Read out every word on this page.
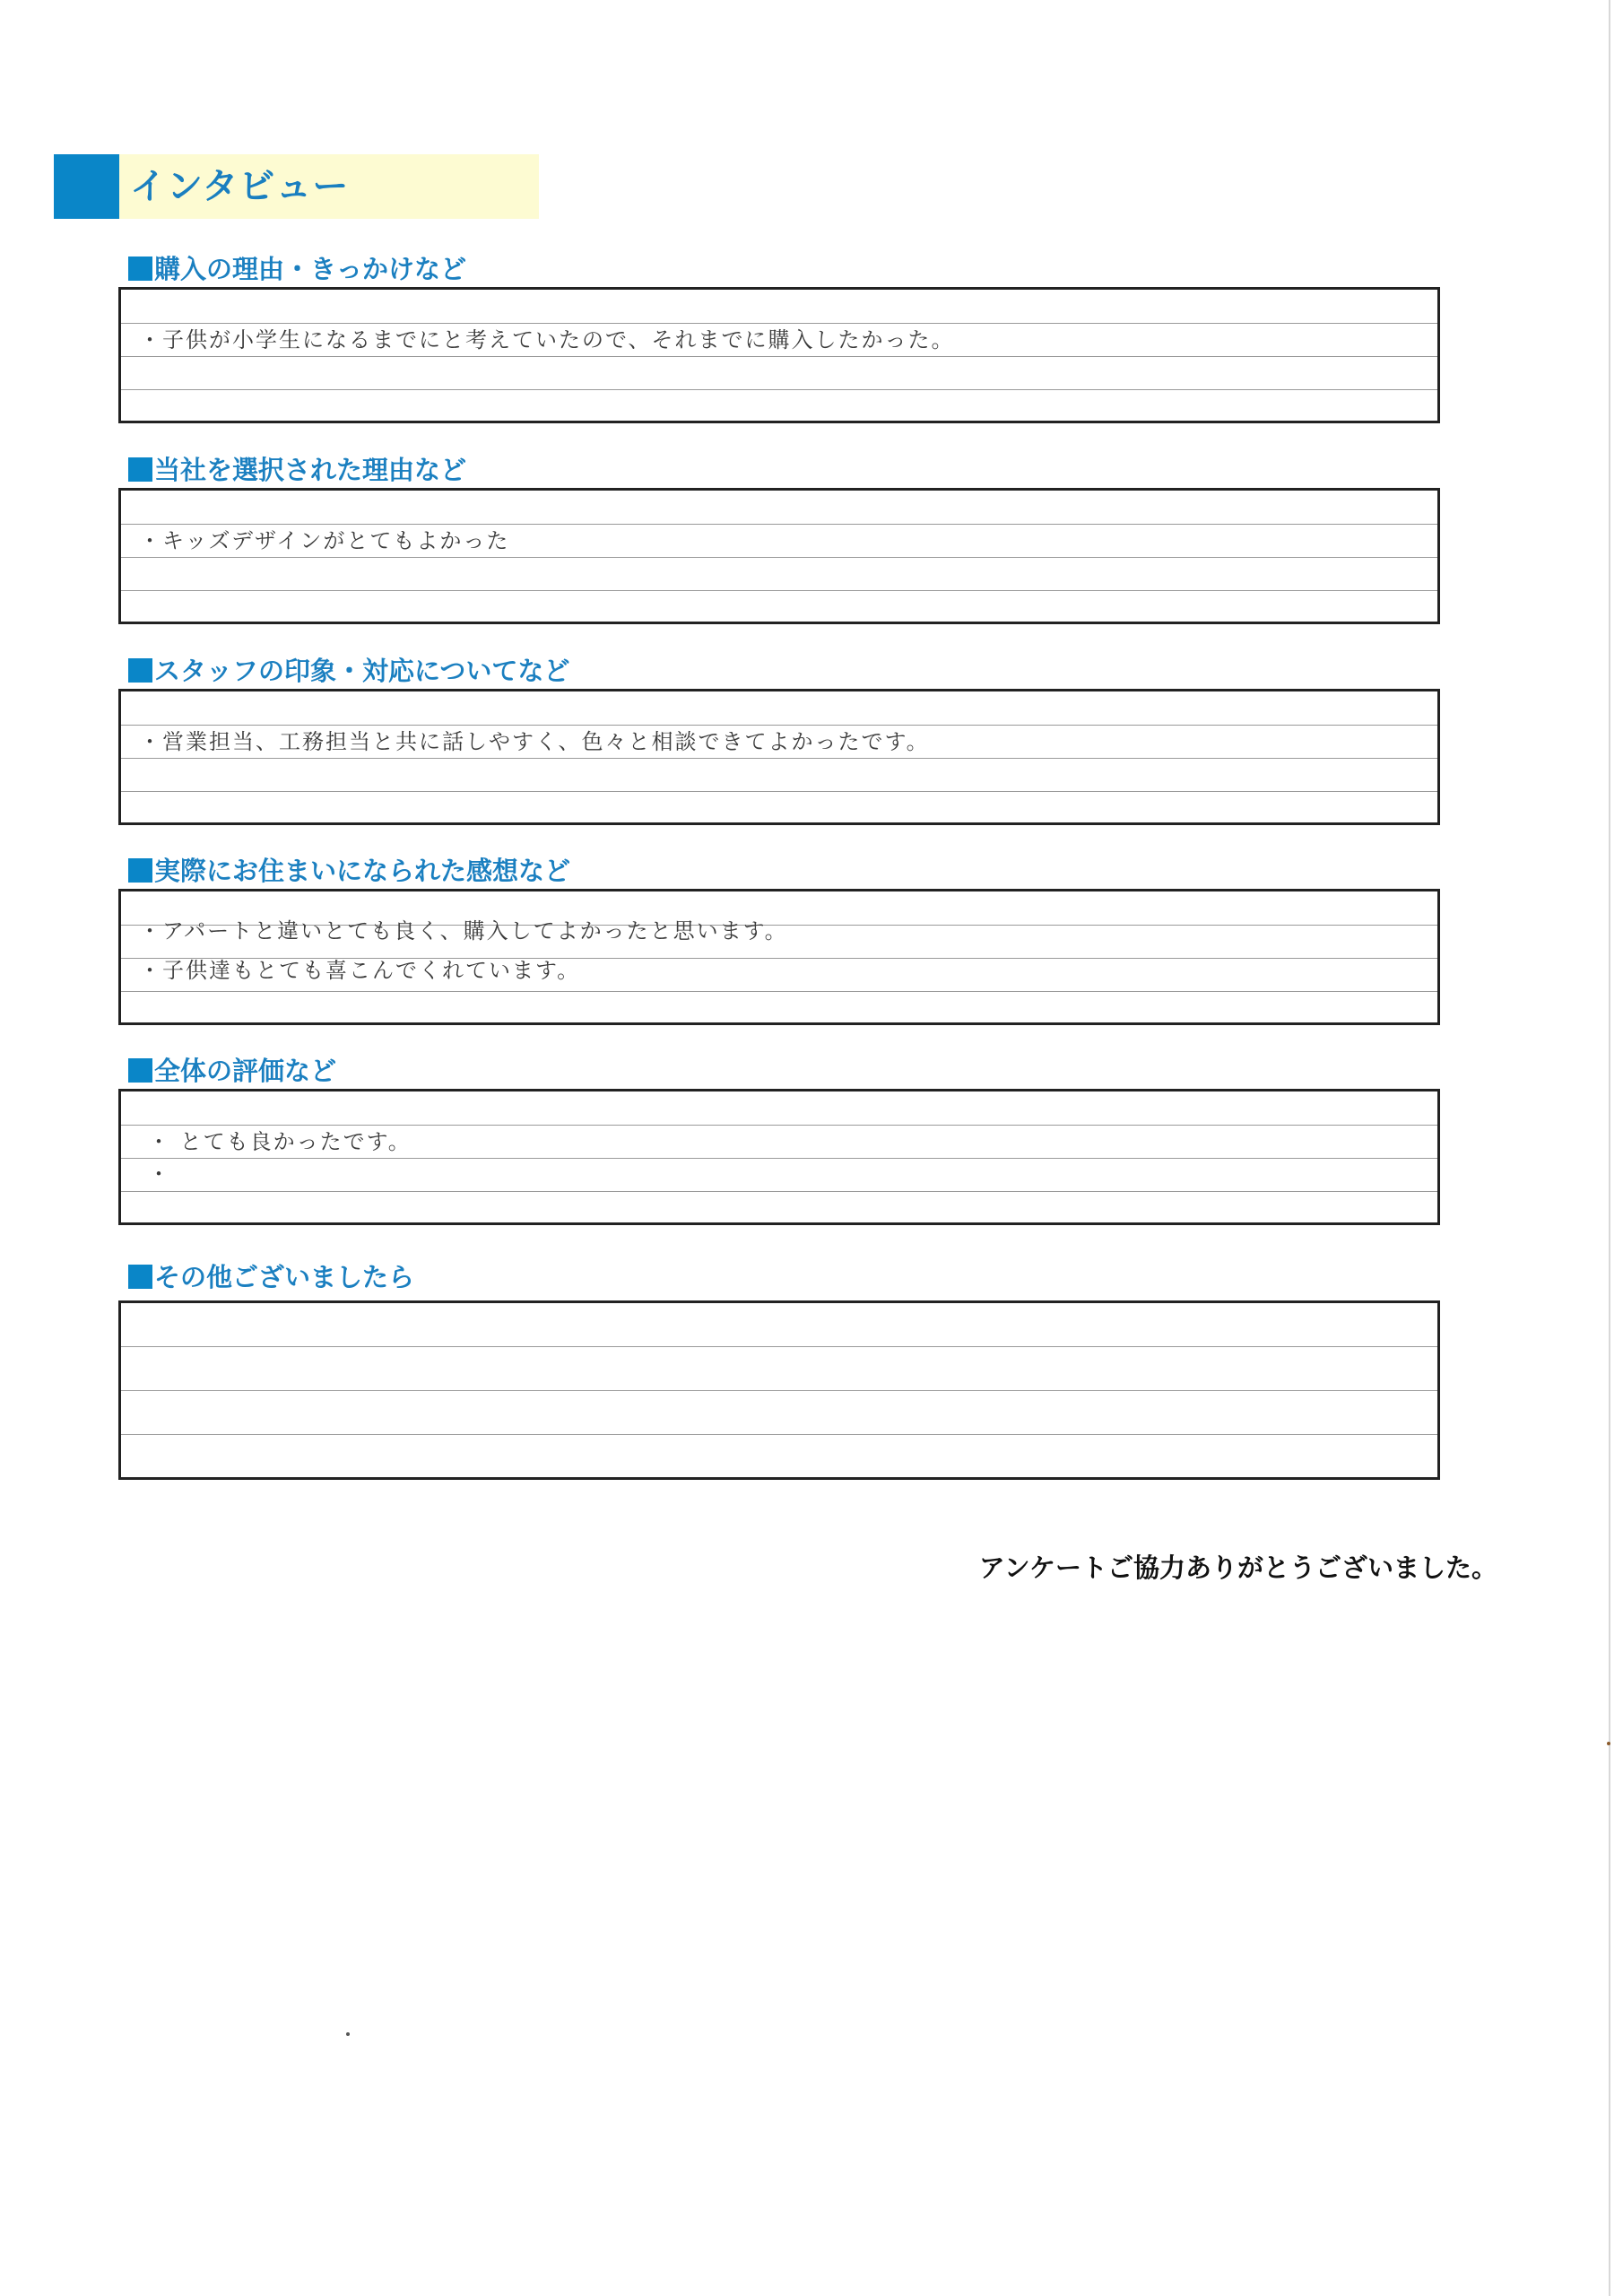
インタビュー
購入の理由・きっかけなど
・子供が小学生になるまでにと考えていたので、それまでに購入したかった。
当社を選択された理由など
・キッズデザインがとてもよかった
スタッフの印象・対応についてなど
・営業担当、工務担当と共に話しやすく、色々と相談できてよかったです。
実際にお住まいになられた感想など
・アパートと違いとても良く、購入してよかったと思います。
・子供達もとても喜こんでくれています。
全体の評価など
・ とても良かったです。
・
その他ございましたら
アンケートご協力ありがとうございました。
